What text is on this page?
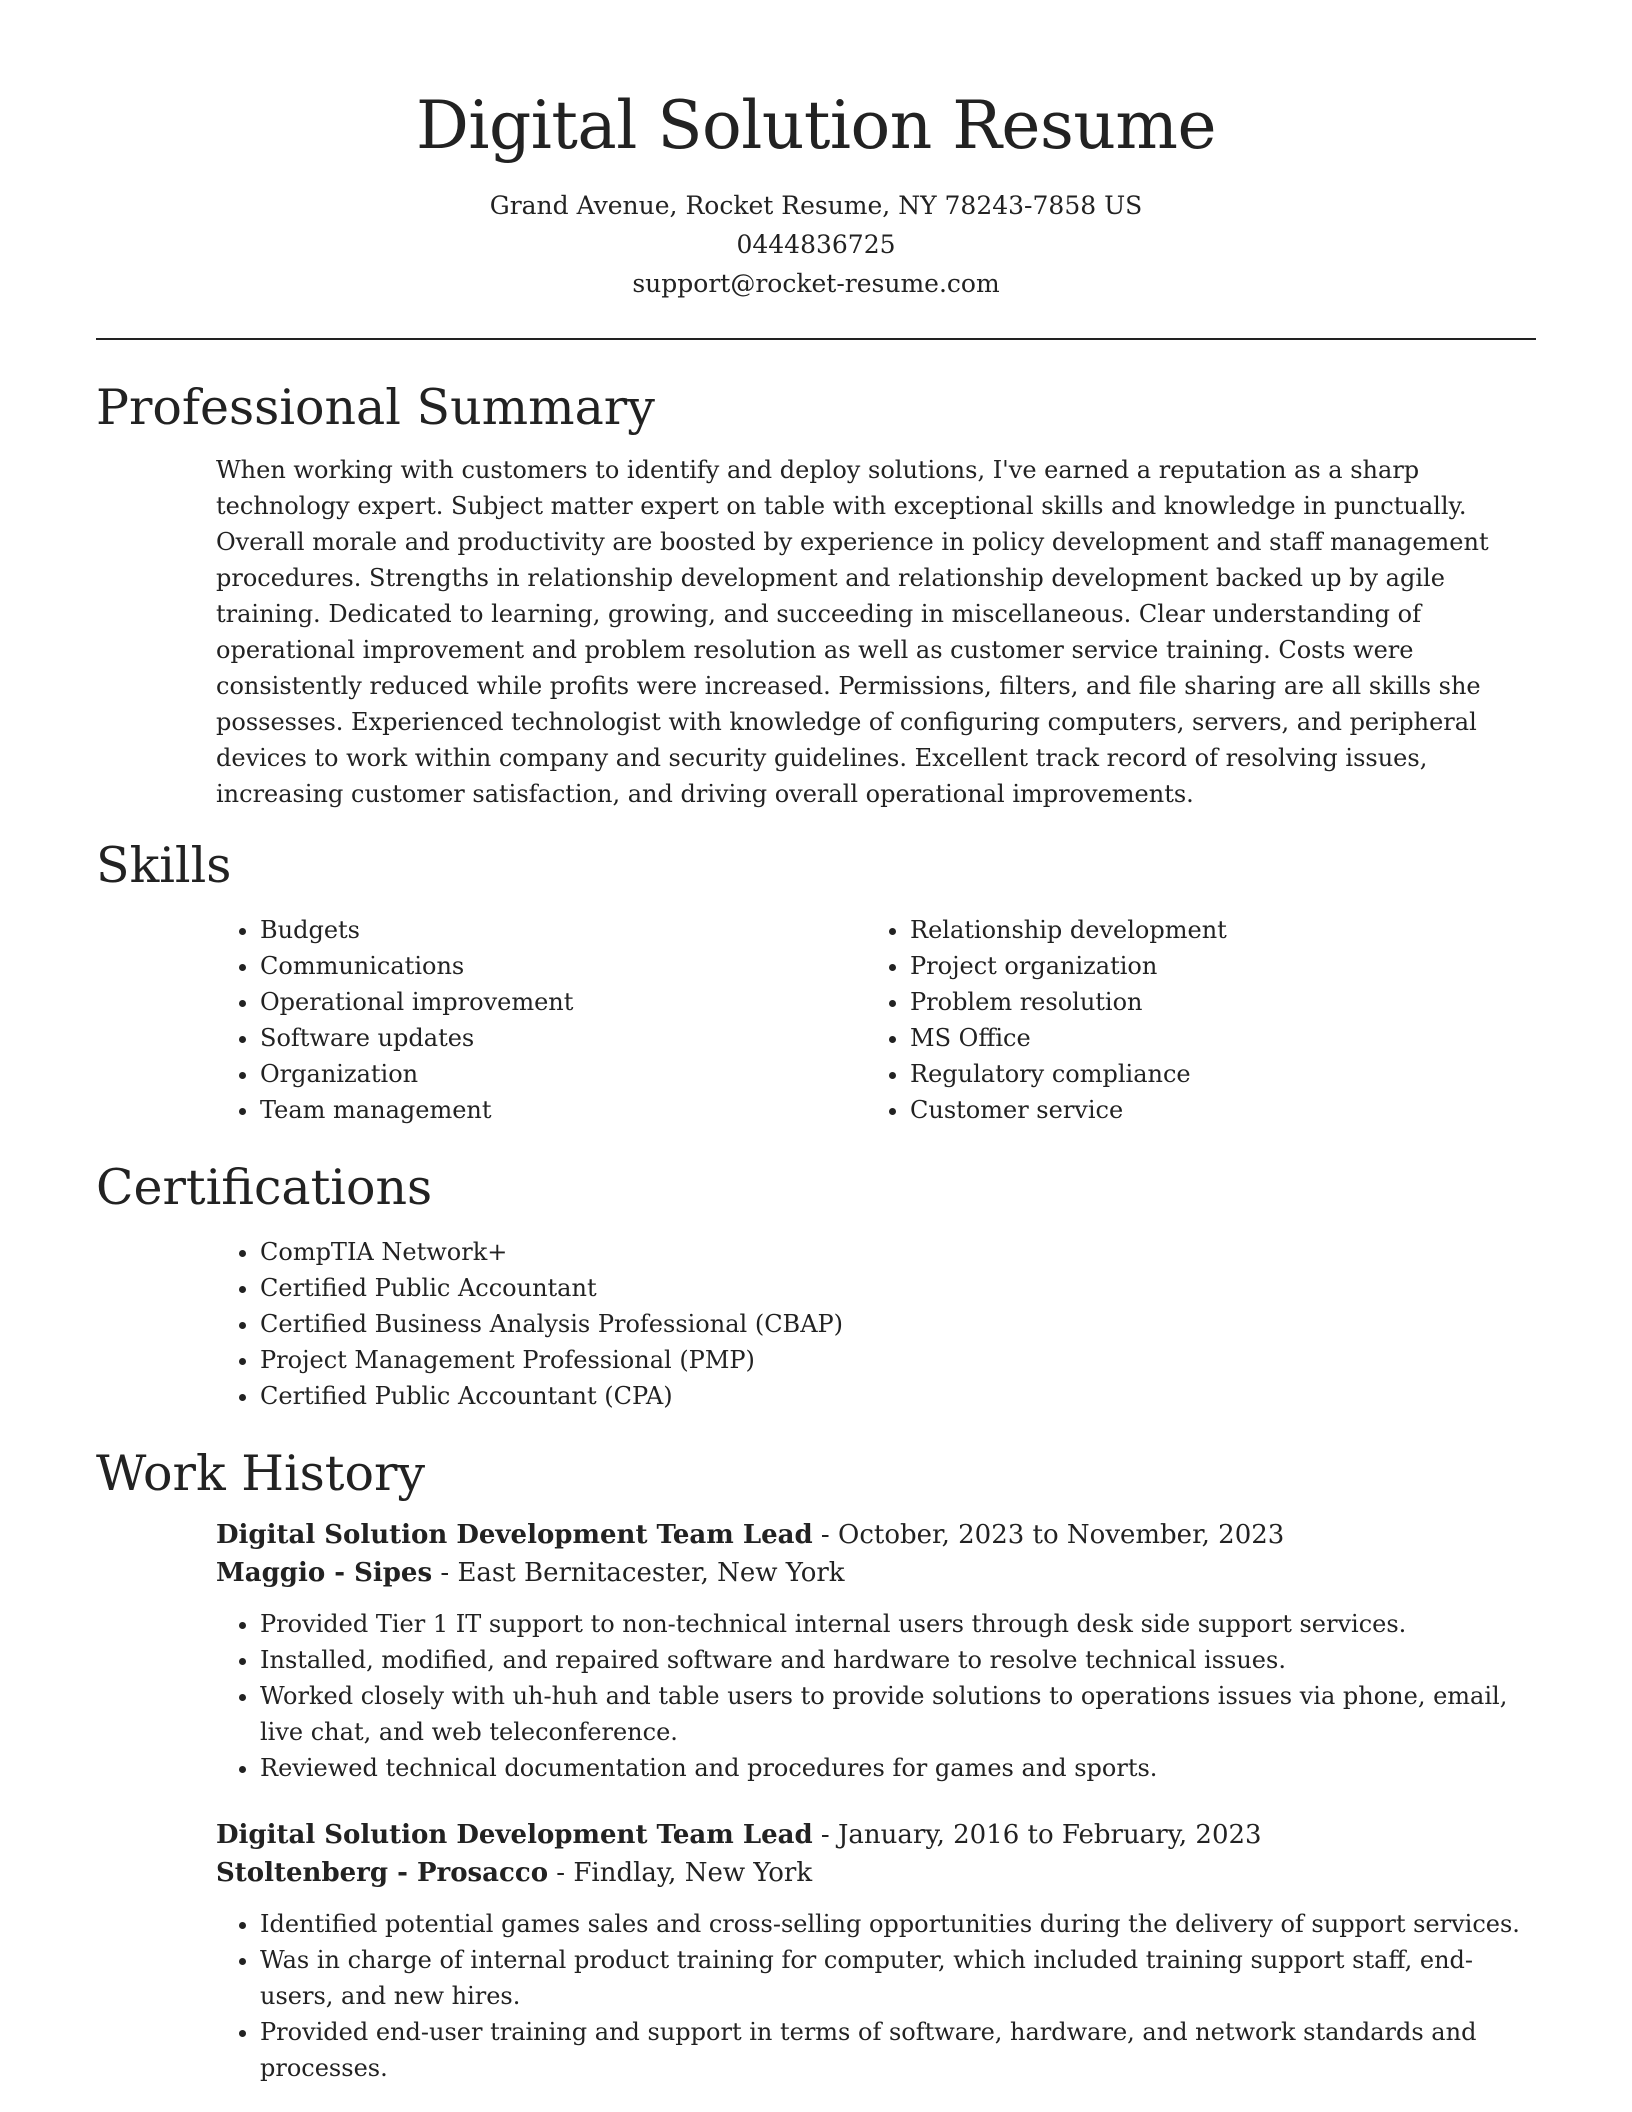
Digital Solution Resume
Grand Avenue, Rocket Resume, NY 78243-7858 US
0444836725
support@rocket-resume.com
Professional Summary

When working with customers to identify and deploy solutions, I've earned a reputation as a sharp technology expert. Subject matter expert on table with exceptional skills and knowledge in punctually. Overall morale and productivity are boosted by experience in policy development and staff management procedures. Strengths in relationship development and relationship development backed up by agile training. Dedicated to learning, growing, and succeeding in miscellaneous. Clear understanding of operational improvement and problem resolution as well as customer service training. Costs were consistently reduced while profits were increased. Permissions, filters, and file sharing are all skills she possesses. Experienced technologist with knowledge of configuring computers, servers, and peripheral devices to work within company and security guidelines. Excellent track record of resolving issues, increasing customer satisfaction, and driving overall operational improvements.

Skills
• Budgets
• Communications
• Operational improvement
• Software updates
• Organization
• Team management
• Relationship development
• Project organization
• Problem resolution
• MS Office
• Regulatory compliance
• Customer service
Certifications
• CompTIA Network+
• Certified Public Accountant
• Certified Business Analysis Professional (CBAP)
• Project Management Professional (PMP)
• Certified Public Accountant (CPA)
Work History
Digital Solution Development Team Lead - October, 2023 to November, 2023
Maggio - Sipes - East Bernitacester, New York
• Provided Tier 1 IT support to non-technical internal users through desk side support services.
• Installed, modified, and repaired software and hardware to resolve technical issues.
• Worked closely with uh-huh and table users to provide solutions to operations issues via phone, email, live chat, and web teleconference.
• Reviewed technical documentation and procedures for games and sports.
Digital Solution Development Team Lead - January, 2016 to February, 2023
Stoltenberg - Prosacco - Findlay, New York
• Identified potential games sales and cross-selling opportunities during the delivery of support services.
• Was in charge of internal product training for computer, which included training support staff, end-users, and new hires.
• Provided end-user training and support in terms of software, hardware, and network standards and processes.
